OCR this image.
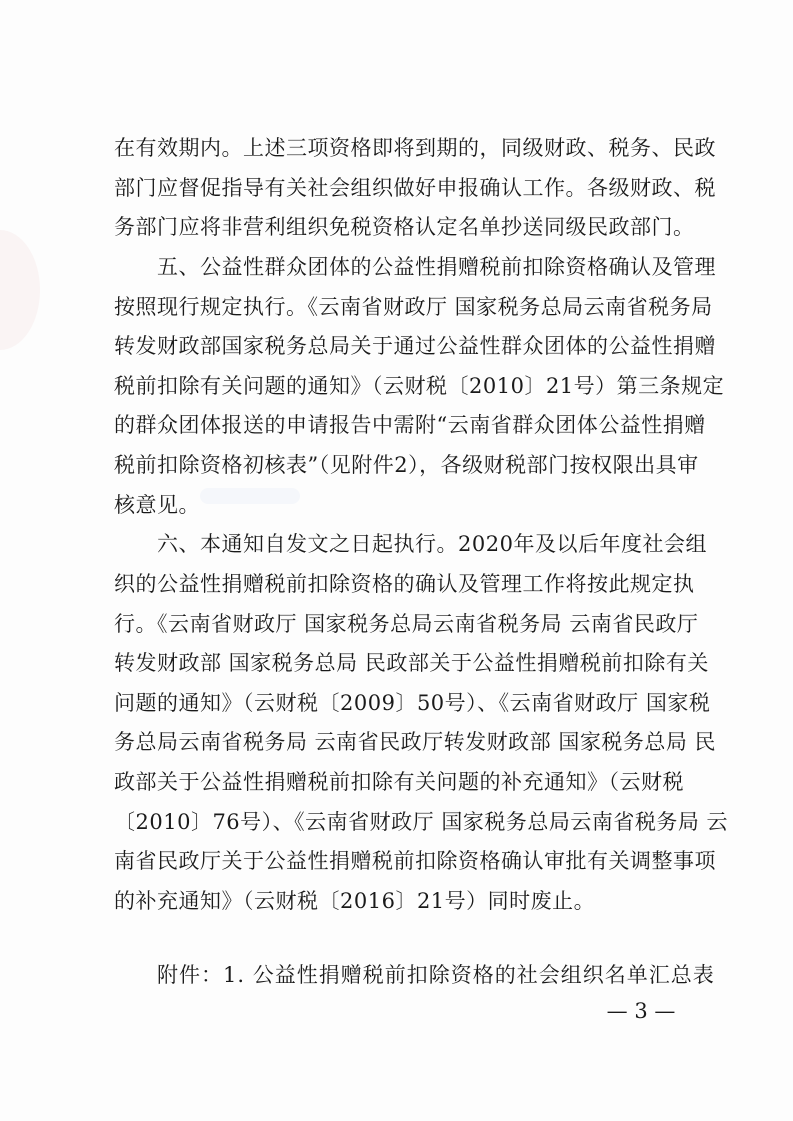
在有效期内。上述三项资格即将到期的，同级财政、税务、民政
部门应督促指导有关社会组织做好申报确认工作。各级财政、税
务部门应将非营利组织免税资格认定名单抄送同级民政部门。
五、公益性群众团体的公益性捐赠税前扣除资格确认及管理
按照现行规定执行。《云南省财政厅 国家税务总局云南省税务局
转发财政部国家税务总局关于通过公益性群众团体的公益性捐赠
税前扣除有关问题的通知》（云财税〔2010〕21号）第三条规定
的群众团体报送的申请报告中需附“云南省群众团体公益性捐赠
税前扣除资格初核表”（见附件2），各级财税部门按权限出具审
核意见。
六、本通知自发文之日起执行。2020年及以后年度社会组
织的公益性捐赠税前扣除资格的确认及管理工作将按此规定执
行。《云南省财政厅 国家税务总局云南省税务局 云南省民政厅
转发财政部 国家税务总局 民政部关于公益性捐赠税前扣除有关
问题的通知》（云财税〔2009〕50号）、《云南省财政厅 国家税
务总局云南省税务局 云南省民政厅转发财政部 国家税务总局 民
政部关于公益性捐赠税前扣除有关问题的补充通知》（云财税
〔2010〕76号）、《云南省财政厅 国家税务总局云南省税务局 云
南省民政厅关于公益性捐赠税前扣除资格确认审批有关调整事项
的补充通知》（云财税〔2016〕21号）同时废止。
附件：1. 公益性捐赠税前扣除资格的社会组织名单汇总表
— 3 —
